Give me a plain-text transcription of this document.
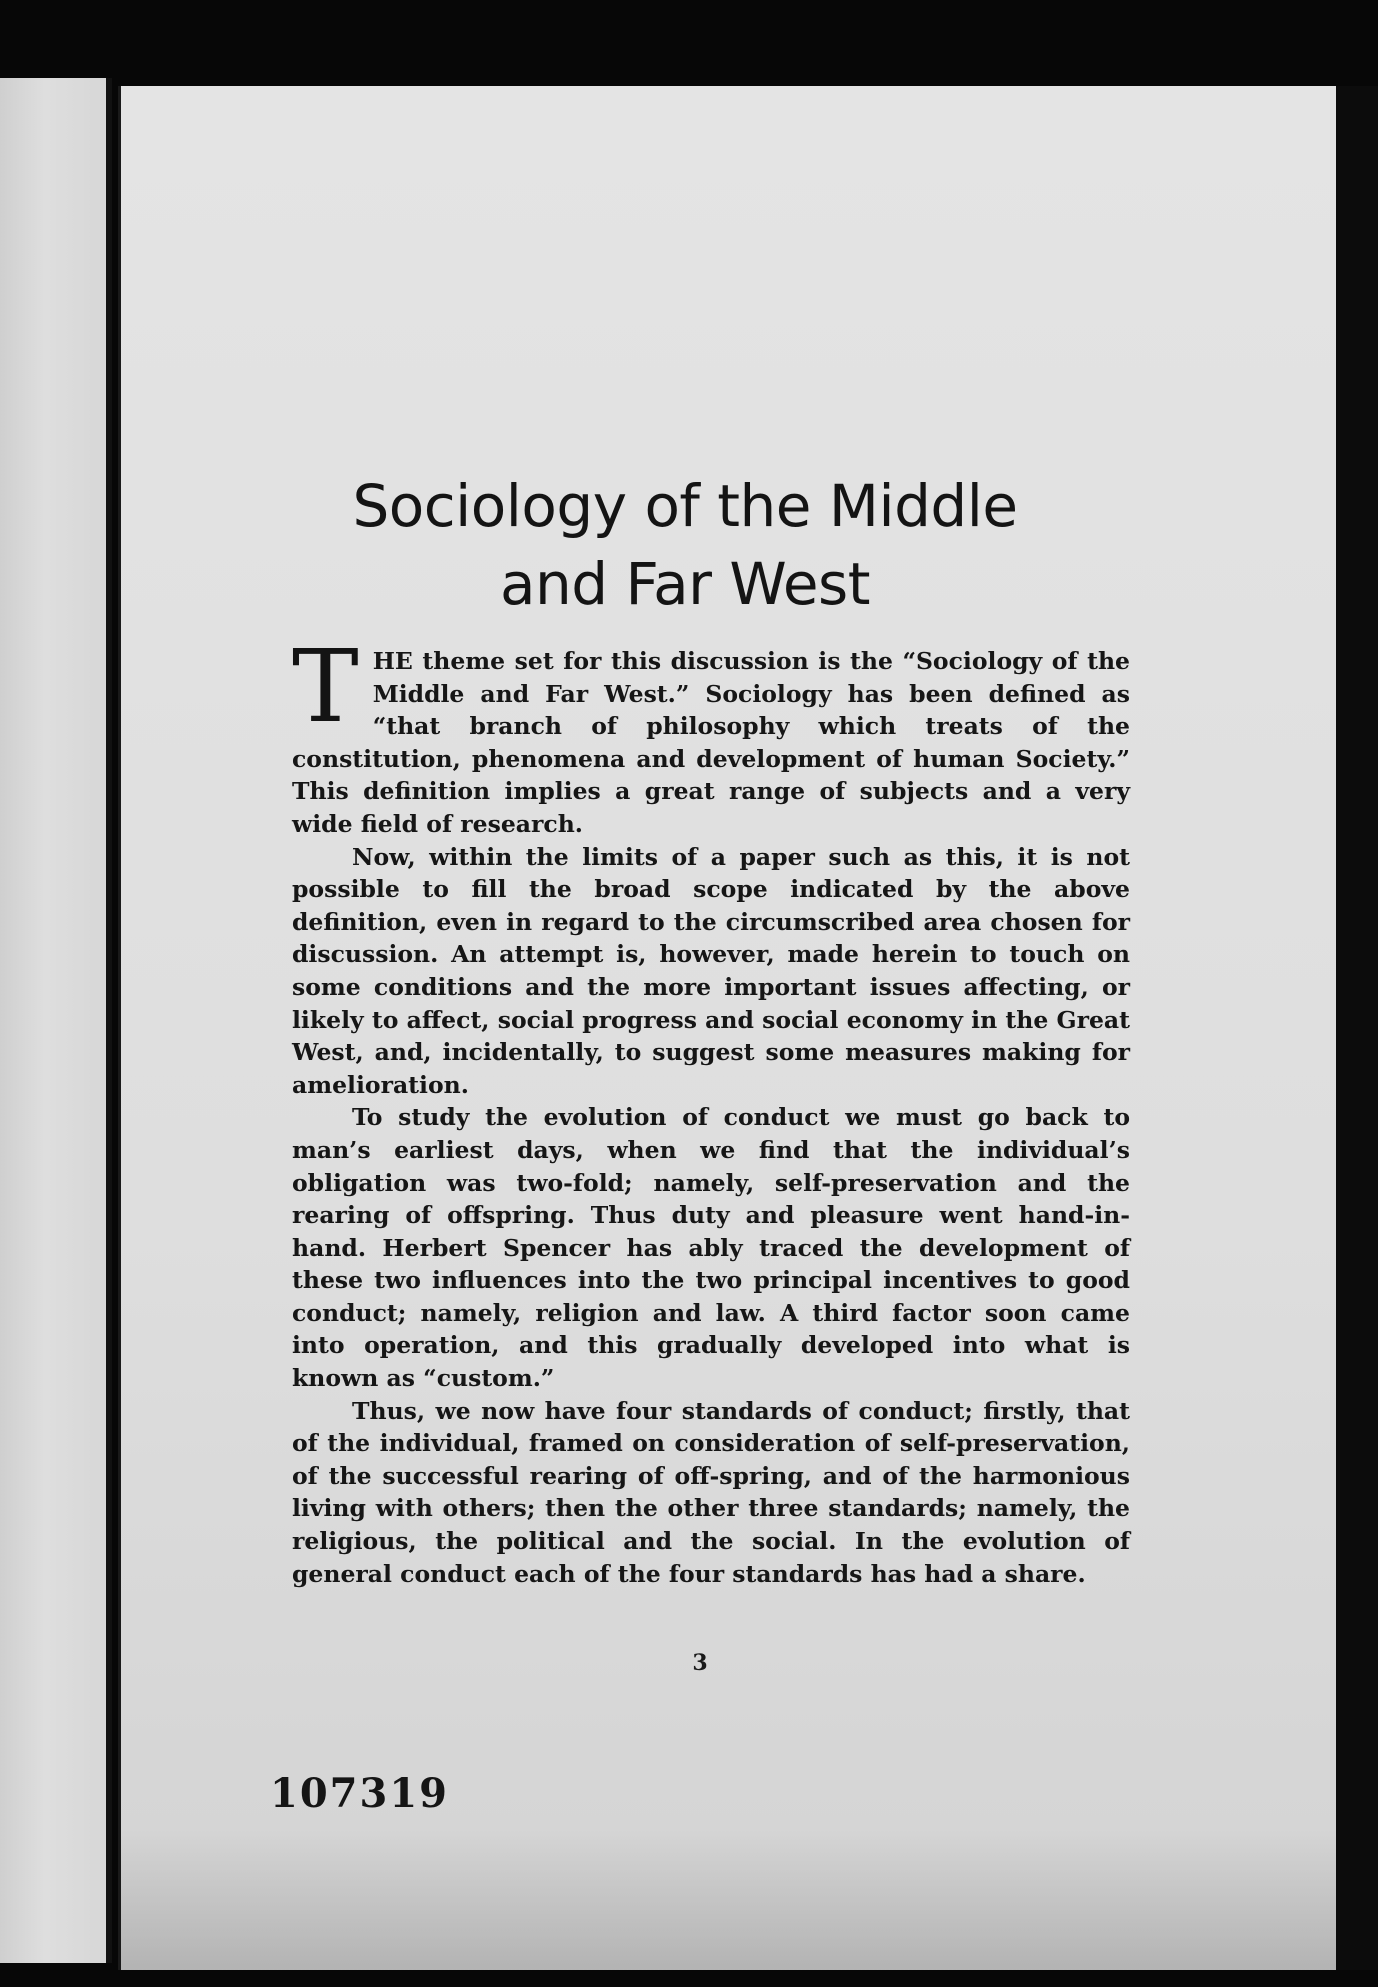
Sociology of the Middle
and Far West

THE theme set for this discussion is the “Sociology of the Middle and Far West.” Sociology has been defined as “that branch of philosophy which treats of the constitution, phenomena and development of human Society.” This definition implies a great range of subjects and a very wide field of research.

Now, within the limits of a paper such as this, it is not possible to fill the broad scope indicated by the above definition, even in regard to the circumscribed area chosen for discussion. An attempt is, however, made herein to touch on some conditions and the more important issues affecting, or likely to affect, social progress and social economy in the Great West, and, incidentally, to suggest some measures making for amelioration.

To study the evolution of conduct we must go back to man’s earliest days, when we find that the individual’s obligation was two-fold; namely, self-preservation and the rearing of offspring. Thus duty and pleasure went hand-in-hand. Herbert Spencer has ably traced the development of these two influences into the two principal incentives to good conduct; namely, religion and law. A third factor soon came into operation, and this gradually developed into what is known as “custom.”

Thus, we now have four standards of conduct; firstly, that of the individual, framed on consideration of self-preservation, of the successful rearing of off-spring, and of the harmonious living with others; then the other three standards; namely, the religious, the political and the social. In the evolution of general conduct each of the four standards has had a share.

3
107319
